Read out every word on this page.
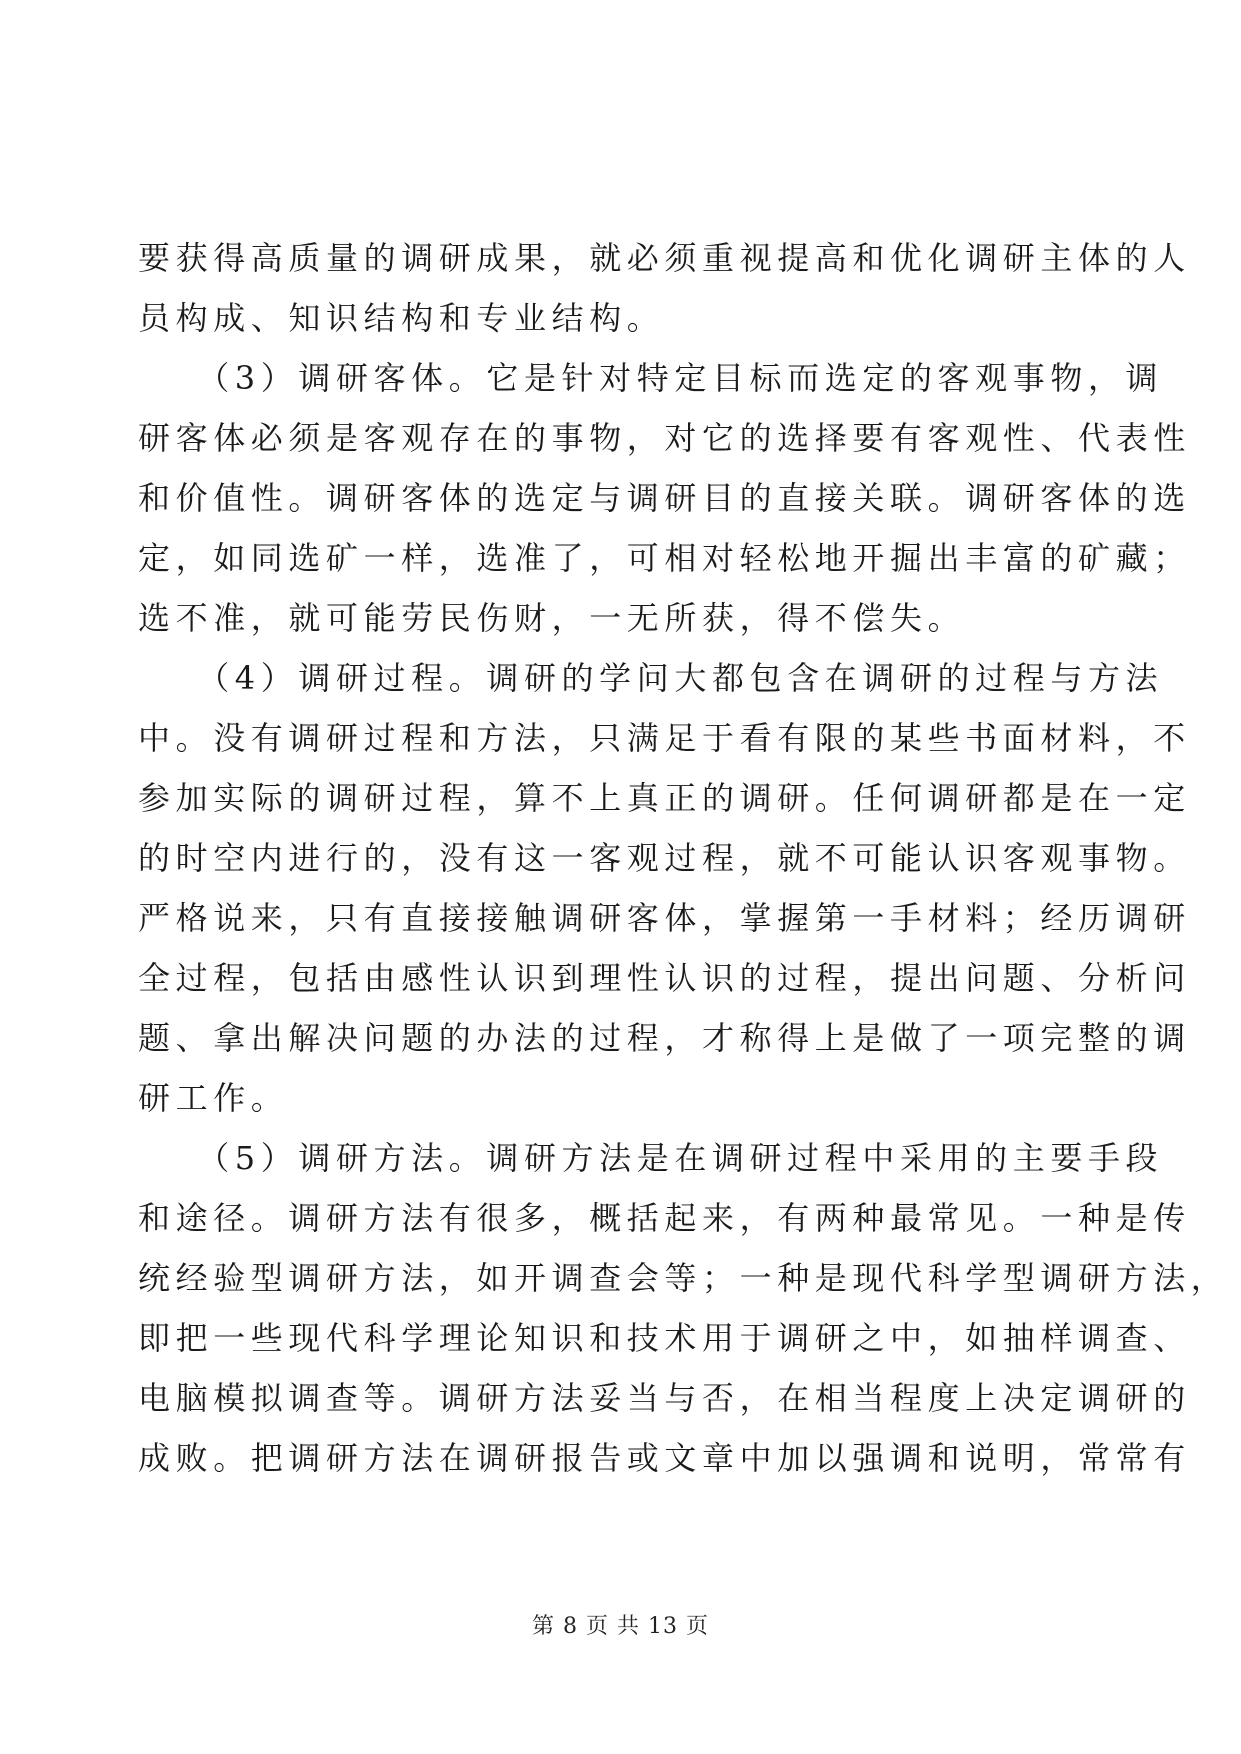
要获得高质量的调研成果，就必须重视提高和优化调研主体的人
员构成、知识结构和专业结构。
　　（3）调研客体。它是针对特定目标而选定的客观事物，调
研客体必须是客观存在的事物，对它的选择要有客观性、代表性
和价值性。调研客体的选定与调研目的直接关联。调研客体的选
定，如同选矿一样，选准了，可相对轻松地开掘出丰富的矿藏；
选不准，就可能劳民伤财，一无所获，得不偿失。
　　（4）调研过程。调研的学问大都包含在调研的过程与方法
中。没有调研过程和方法，只满足于看有限的某些书面材料，不
参加实际的调研过程，算不上真正的调研。任何调研都是在一定
的时空内进行的，没有这一客观过程，就不可能认识客观事物。
严格说来，只有直接接触调研客体，掌握第一手材料；经历调研
全过程，包括由感性认识到理性认识的过程，提出问题、分析问
题、拿出解决问题的办法的过程，才称得上是做了一项完整的调
研工作。
　　（5）调研方法。调研方法是在调研过程中采用的主要手段
和途径。调研方法有很多，概括起来，有两种最常见。一种是传
统经验型调研方法，如开调查会等；一种是现代科学型调研方法，
即把一些现代科学理论知识和技术用于调研之中，如抽样调查、
电脑模拟调查等。调研方法妥当与否，在相当程度上决定调研的
成败。把调研方法在调研报告或文章中加以强调和说明，常常有
第 8 页 共 13 页
